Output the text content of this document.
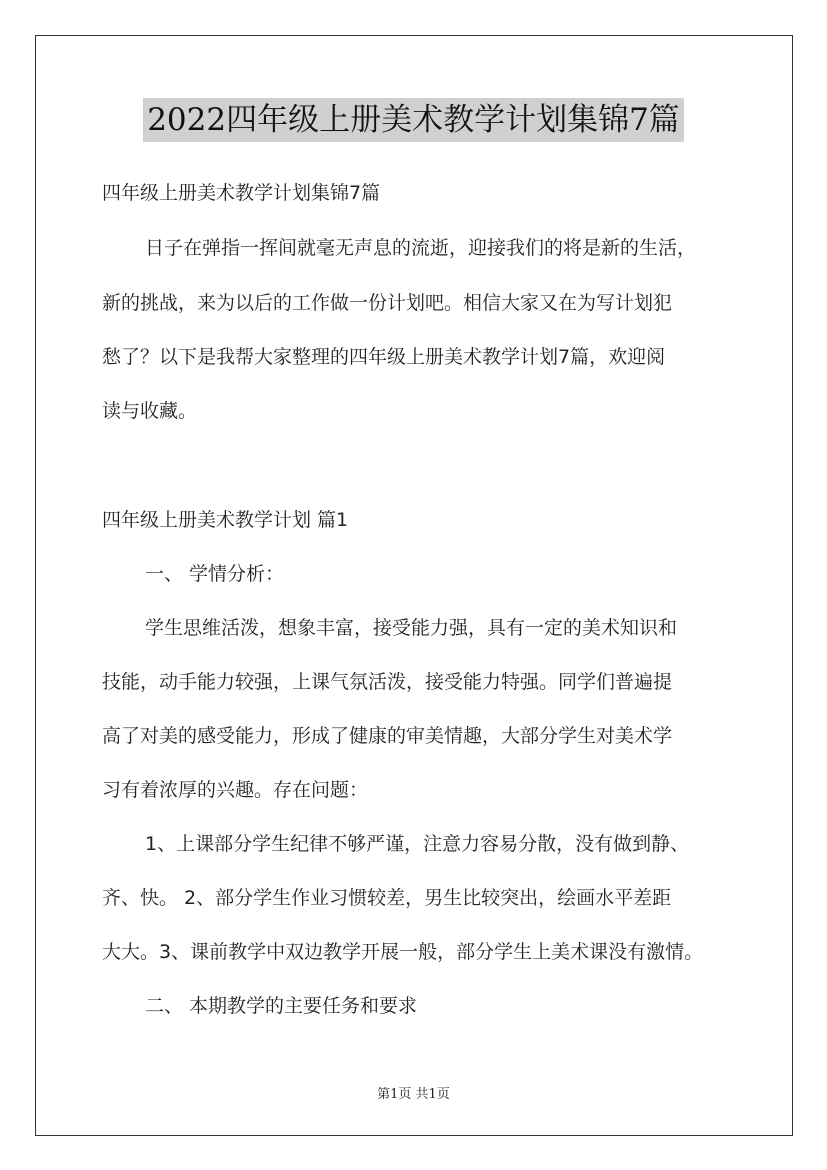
2022四年级上册美术教学计划集锦7篇
四年级上册美术教学计划集锦7篇
日子在弹指一挥间就毫无声息的流逝，迎接我们的将是新的生活，
新的挑战，来为以后的工作做一份计划吧。相信大家又在为写计划犯
愁了？以下是我帮大家整理的四年级上册美术教学计划7篇，欢迎阅
读与收藏。
四年级上册美术教学计划 篇1
一、 学情分析：
学生思维活泼，想象丰富，接受能力强，具有一定的美术知识和
技能，动手能力较强，上课气氛活泼，接受能力特强。同学们普遍提
高了对美的感受能力，形成了健康的审美情趣，大部分学生对美术学
习有着浓厚的兴趣。存在问题：
1、上课部分学生纪律不够严谨，注意力容易分散，没有做到静、
齐、快。 2、部分学生作业习惯较差，男生比较突出，绘画水平差距
大大。3、课前教学中双边教学开展一般，部分学生上美术课没有激情。
二、 本期教学的主要任务和要求
第1页 共1页
